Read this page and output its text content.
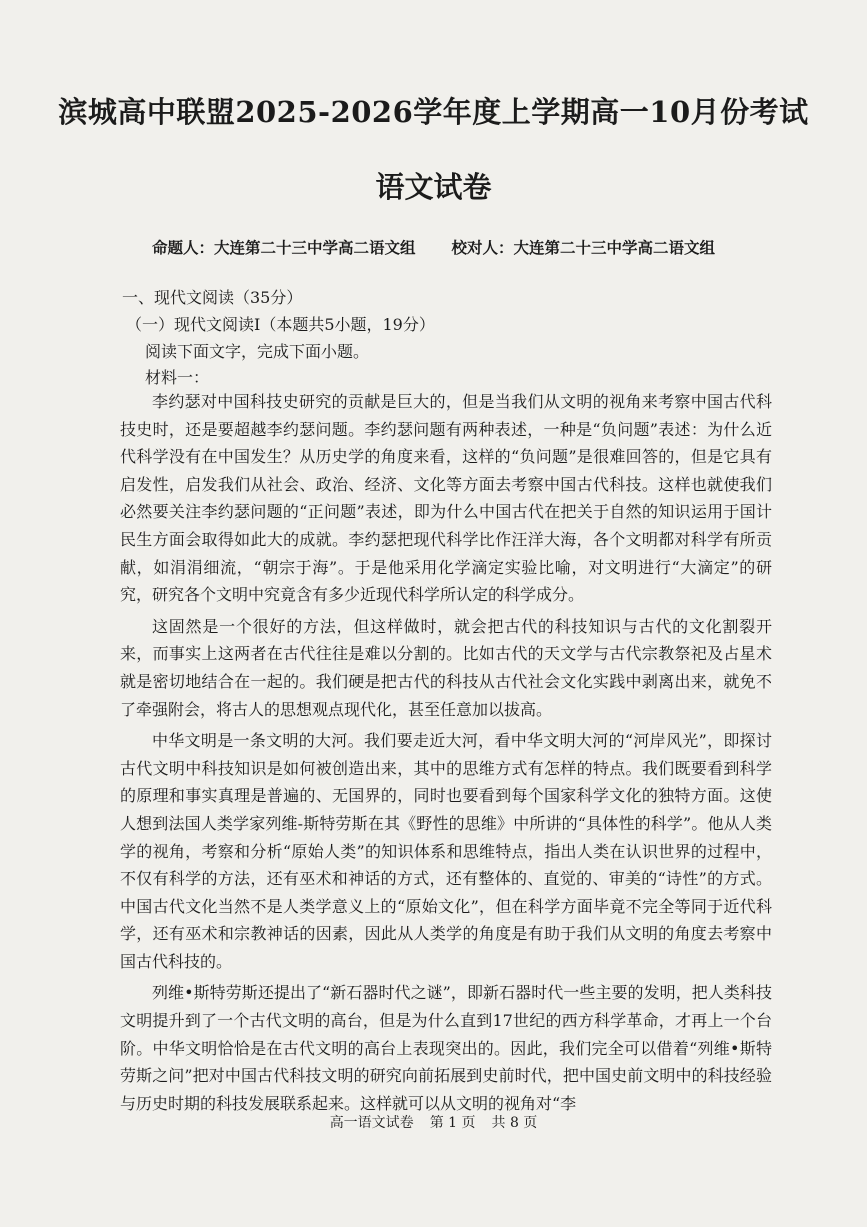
滨城高中联盟2025-2026学年度上学期高一10月份考试
语文试卷
命题人：大连第二十三中学高二语文组 校对人：大连第二十三中学高二语文组
一、现代文阅读（35分）
（一）现代文阅读Ⅰ（本题共5小题，19分）
阅读下面文字，完成下面小题。
材料一：

李约瑟对中国科技史研究的贡献是巨大的，但是当我们从文明的视角来考察中国古代科技史时，还是要超越李约瑟问题。李约瑟问题有两种表述，一种是“负问题”表述：为什么近代科学没有在中国发生？从历史学的角度来看，这样的“负问题”是很难回答的，但是它具有启发性，启发我们从社会、政治、经济、文化等方面去考察中国古代科技。这样也就使我们必然要关注李约瑟问题的“正问题”表述，即为什么中国古代在把关于自然的知识运用于国计民生方面会取得如此大的成就。李约瑟把现代科学比作汪洋大海，各个文明都对科学有所贡献，如涓涓细流，“朝宗于海”。于是他采用化学滴定实验比喻，对文明进行“大滴定”的研究，研究各个文明中究竟含有多少近现代科学所认定的科学成分。

这固然是一个很好的方法，但这样做时，就会把古代的科技知识与古代的文化割裂开来，而事实上这两者在古代往往是难以分割的。比如古代的天文学与古代宗教祭祀及占星术就是密切地结合在一起的。我们硬是把古代的科技从古代社会文化实践中剥离出来，就免不了牵强附会，将古人的思想观点现代化，甚至任意加以拔高。

中华文明是一条文明的大河。我们要走近大河，看中华文明大河的“河岸风光”，即探讨古代文明中科技知识是如何被创造出来，其中的思维方式有怎样的特点。我们既要看到科学的原理和事实真理是普遍的、无国界的，同时也要看到每个国家科学文化的独特方面。这使人想到法国人类学家列维-斯特劳斯在其《野性的思维》中所讲的“具体性的科学”。他从人类学的视角，考察和分析“原始人类”的知识体系和思维特点，指出人类在认识世界的过程中，不仅有科学的方法，还有巫术和神话的方式，还有整体的、直觉的、审美的“诗性”的方式。中国古代文化当然不是人类学意义上的“原始文化”，但在科学方面毕竟不完全等同于近代科学，还有巫术和宗教神话的因素，因此从人类学的角度是有助于我们从文明的角度去考察中国古代科技的。

列维•斯特劳斯还提出了“新石器时代之谜”，即新石器时代一些主要的发明，把人类科技文明提升到了一个古代文明的高台，但是为什么直到17世纪的西方科学革命，才再上一个台阶。中华文明恰恰是在古代文明的高台上表现突出的。因此，我们完全可以借着“列维•斯特劳斯之问”把对中国古代科技文明的研究向前拓展到史前时代，把中国史前文明中的科技经验与历史时期的科技发展联系起来。这样就可以从文明的视角对“李

高一语文试卷 第 1 页 共 8 页
